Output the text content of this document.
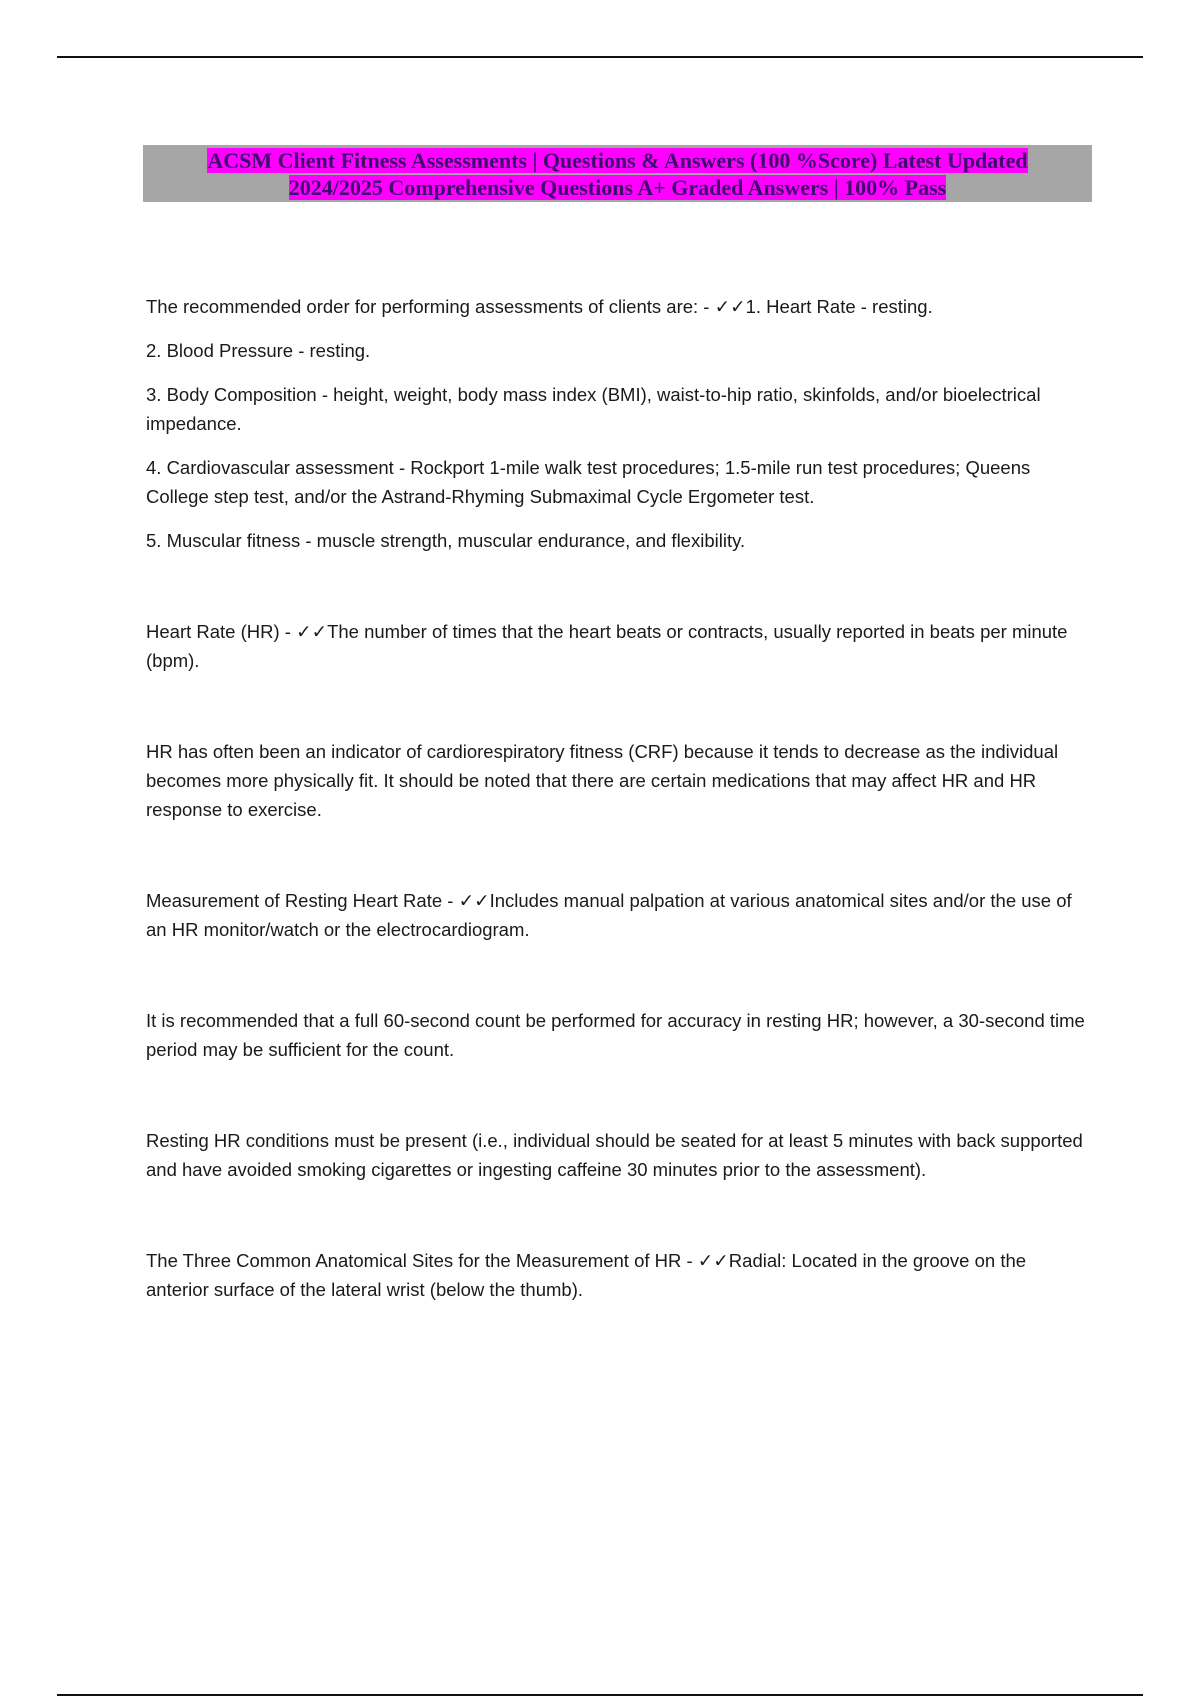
ACSM Client Fitness Assessments | Questions & Answers (100 %Score) Latest Updated
2024/2025 Comprehensive Questions A+ Graded Answers | 100% Pass

The recommended order for performing assessments of clients are: - ✓✓1. Heart Rate - resting.

2. Blood Pressure - resting.

3. Body Composition - height, weight, body mass index (BMI), waist-to-hip ratio, skinfolds, and/or bioelectrical impedance.

4. Cardiovascular assessment - Rockport 1-mile walk test procedures; 1.5-mile run test procedures; Queens College step test, and/or the Astrand-Rhyming Submaximal Cycle Ergometer test.

5. Muscular fitness - muscle strength, muscular endurance, and flexibility.

Heart Rate (HR) - ✓✓The number of times that the heart beats or contracts, usually reported in beats per minute (bpm).

HR has often been an indicator of cardiorespiratory fitness (CRF) because it tends to decrease as the individual becomes more physically fit. It should be noted that there are certain medications that may affect HR and HR response to exercise.

Measurement of Resting Heart Rate - ✓✓Includes manual palpation at various anatomical sites and/or the use of an HR monitor/watch or the electrocardiogram.

It is recommended that a full 60-second count be performed for accuracy in resting HR; however, a 30-second time period may be sufficient for the count.

Resting HR conditions must be present (i.e., individual should be seated for at least 5 minutes with back supported and have avoided smoking cigarettes or ingesting caffeine 30 minutes prior to the assessment).

The Three Common Anatomical Sites for the Measurement of HR - ✓✓Radial: Located in the groove on the anterior surface of the lateral wrist (below the thumb).
